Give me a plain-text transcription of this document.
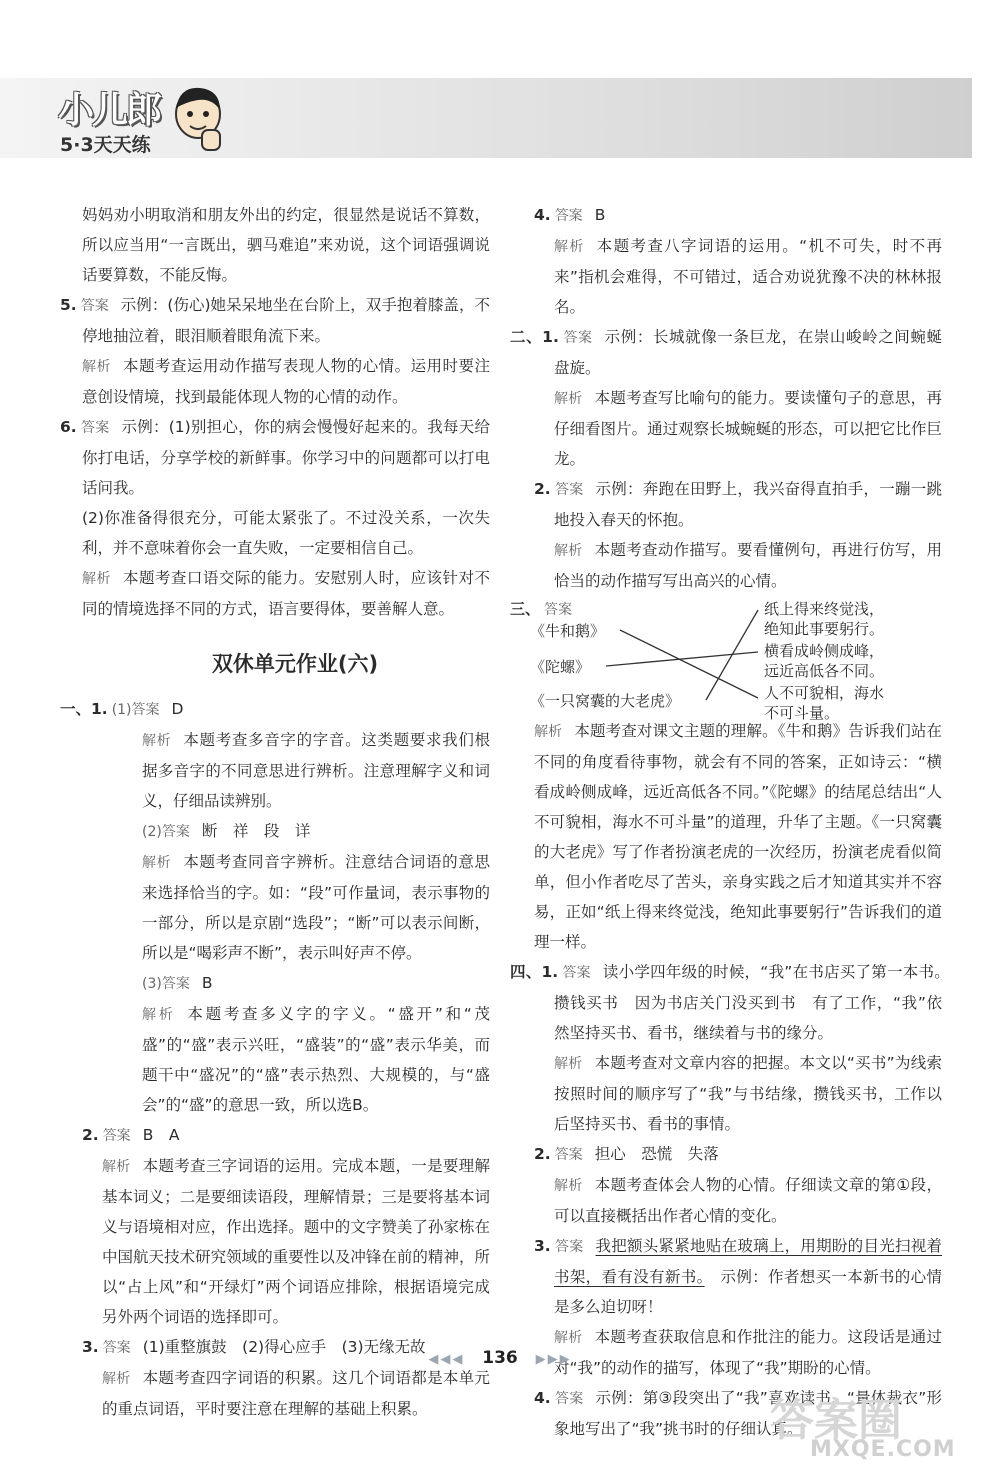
小儿郎
5·3天天练

妈妈劝小明取消和朋友外出的约定，很显然是说话不算数，所以应当用“一言既出，驷马难追”来劝说，这个词语强调说话要算数，不能反悔。

5. 答案 示例：(伤心)她呆呆地坐在台阶上，双手抱着膝盖，不停地抽泣着，眼泪顺着眼角流下来。

解析 本题考查运用动作描写表现人物的心情。运用时要注意创设情境，找到最能体现人物的心情的动作。

6. 答案 示例：(1)别担心，你的病会慢慢好起来的。我每天给你打电话，分享学校的新鲜事。你学习中的问题都可以打电话问我。

(2)你准备得很充分，可能太紧张了。不过没关系，一次失利，并不意味着你会一直失败，一定要相信自己。

解析 本题考查口语交际的能力。安慰别人时，应该针对不同的情境选择不同的方式，语言要得体，要善解人意。

双休单元作业(六)

一、1. (1)答案 D

解析 本题考查多音字的字音。这类题要求我们根据多音字的不同意思进行辨析。注意理解字义和词义，仔细品读辨别。

(2)答案 断　祥　段　详

解析 本题考查同音字辨析。注意结合词语的意思来选择恰当的字。如：“段”可作量词，表示事物的一部分，所以是京剧“选段”；“断”可以表示间断，所以是“喝彩声不断”，表示叫好声不停。

(3)答案 B

解析 本题考查多义字的字义。“盛开”和“茂盛”的“盛”表示兴旺，“盛装”的“盛”表示华美，而题干中“盛况”的“盛”表示热烈、大规模的，与“盛会”的“盛”的意思一致，所以选B。

2. 答案 B　A

解析 本题考查三字词语的运用。完成本题，一是要理解基本词义；二是要细读语段，理解情景；三是要将基本词义与语境相对应，作出选择。题中的文字赞美了孙家栋在中国航天技术研究领域的重要性以及冲锋在前的精神，所以“占上风”和“开绿灯”两个词语应排除，根据语境完成另外两个词语的选择即可。

3. 答案 (1)重整旗鼓　(2)得心应手　(3)无缘无故

解析 本题考查四字词语的积累。这几个词语都是本单元的重点词语，平时要注意在理解的基础上积累。

4. 答案 B

解析 本题考查八字词语的运用。“机不可失，时不再来”指机会难得，不可错过，适合劝说犹豫不决的林林报名。

二、1. 答案 示例：长城就像一条巨龙，在崇山峻岭之间蜿蜒盘旋。

解析 本题考查写比喻句的能力。要读懂句子的意思，再仔细看图片。通过观察长城蜿蜒的形态，可以把它比作巨龙。

2. 答案 示例：奔跑在田野上，我兴奋得直拍手，一蹦一跳地投入春天的怀抱。

解析 本题考查动作描写。要看懂例句，再进行仿写，用恰当的动作描写写出高兴的心情。

三、 答案
《牛和鹅》
《陀螺》
《一只窝囊的大老虎》
纸上得来终觉浅，
绝知此事要躬行。
横看成岭侧成峰，
远近高低各不同。
人不可貌相，海水
不可斗量。

解析 本题考查对课文主题的理解。《牛和鹅》告诉我们站在不同的角度看待事物，就会有不同的答案，正如诗云：“横看成岭侧成峰，远近高低各不同。”《陀螺》的结尾总结出“人不可貌相，海水不可斗量”的道理，升华了主题。《一只窝囊的大老虎》写了作者扮演老虎的一次经历，扮演老虎看似简单，但小作者吃尽了苦头，亲身实践之后才知道其实并不容易，正如“纸上得来终觉浅，绝知此事要躬行”告诉我们的道理一样。

四、1. 答案 读小学四年级的时候，“我”在书店买了第一本书。　攒钱买书　因为书店关门没买到书　有了工作，“我”依然坚持买书、看书，继续着与书的缘分。

解析 本题考查对文章内容的把握。本文以“买书”为线索按照时间的顺序写了“我”与书结缘，攒钱买书，工作以后坚持买书、看书的事情。

2. 答案 担心　恐慌　失落

解析 本题考查体会人物的心情。仔细读文章的第①段，可以直接概括出作者心情的变化。

3. 答案 我把额头紧紧地贴在玻璃上，用期盼的目光扫视着书架，看有没有新书。　 示例：作者想买一本新书的心情是多么迫切呀！

解析 本题考查获取信息和作批注的能力。这段话是通过对“我”的动作的描写，体现了“我”期盼的心情。

4. 答案 示例：第③段突出了“我”喜欢读书，“量体裁衣”形象地写出了“我”挑书时的仔细认真。

◀◀◀ 136 ▶▶▶
答案圈
MXQE.COM
